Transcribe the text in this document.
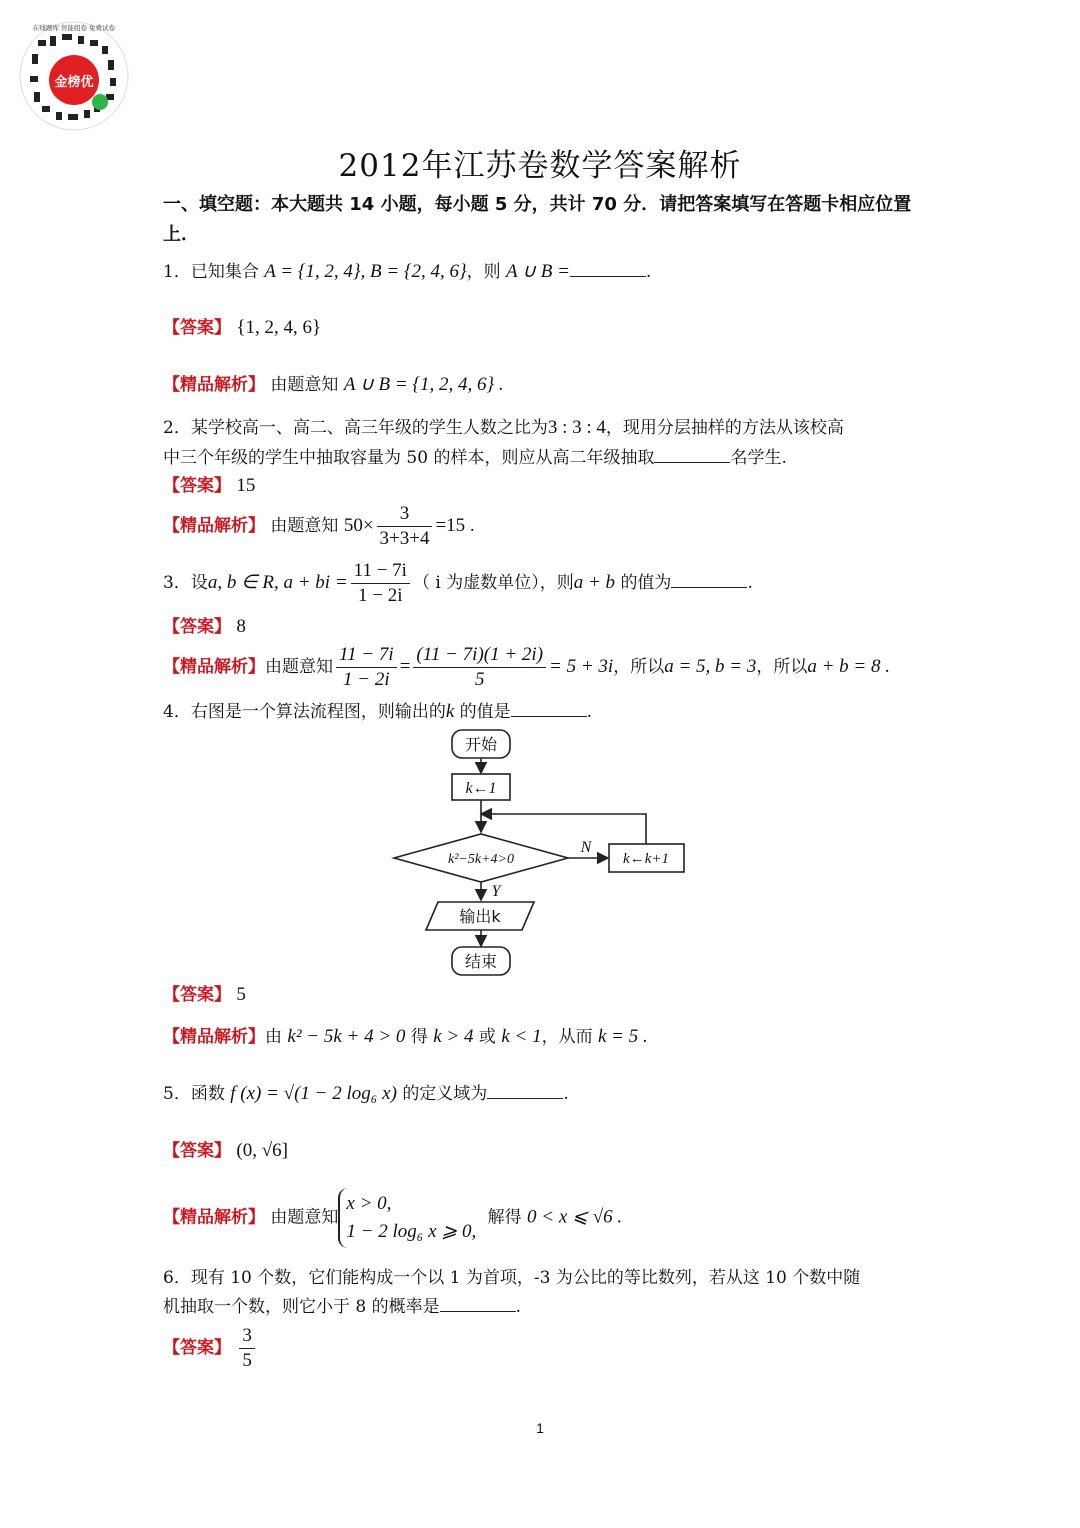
金榜优
在线题库 智能组卷 免费试卷
2012年江苏卷数学答案解析
一、填空题：本大题共 14 小题，每小题 5 分，共计 70 分．请把答案填写在答题卡相应位置上．
1．已知集合 A = {1, 2, 4}, B = {2, 4, 6}，则 A ∪ B =	.
【答案】 {1, 2, 4, 6}
【精品解析】 由题意知 A ∪ B = {1, 2, 4, 6} .
2．某学校高一、高二、高三年级的学生人数之比为3 : 3 : 4，现用分层抽样的方法从该校高
中三个年级的学生中抽取容量为 50 的样本，则应从高二年级抽取	名学生.
【答案】 15
【精品解析】 由题意知 $50\times \frac{3}{3+3+4} =15$ .
3．设a, b ∈ R, a + bi = $\frac{11 - 7i}{1 - 2i}$ （ i 为虚数单位），则a + b 的值为	.
【答案】 8
【精品解析】由题意知 $\frac{11 - 7i}{1 - 2i} = \frac{(11 - 7i)(1 + 2i)}{5} = 5 + 3i$，所以a = 5, b = 3，所以a + b = 8 .
4．右图是一个算法流程图，则输出的k 的值是	.
开始
k←1
k²−5k+4>0
N
k←k+1
Y
输出k
结束
【答案】 5
【精品解析】由 k² − 5k + 4 > 0 得 k > 4 或 k < 1，从而 k = 5 .
5．函数 f (x) = √(1 − 2 log₆ x) 的定义域为	.
【答案】 (0, √6]
【精品解析】 由题意知
x > 0,
1 − 2 log₆ x ⩾ 0,
解得 0 < x ⩽ √6 .
6．现有 10 个数，它们能构成一个以 1 为首项，-3 为公比的等比数列，若从这 10 个数中随
机抽取一个数，则它小于 8 的概率是	.
【答案】 $\frac{3}{5}$
1
